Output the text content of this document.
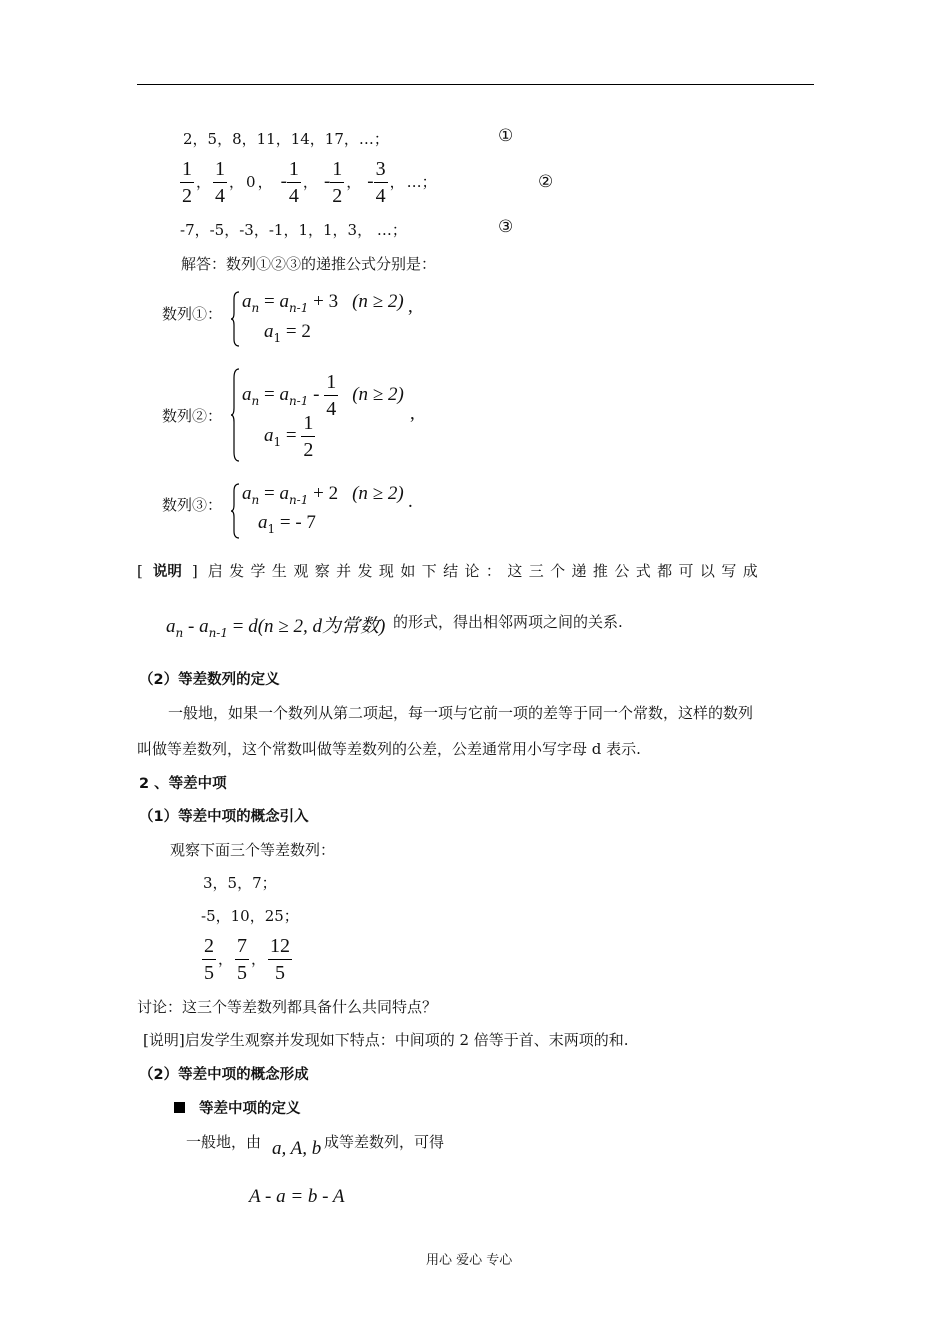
2，5，8，11，14，17，…；	①
$\frac{1}{2}$ ， $\frac{1}{4}$ ， 0 ， - $\frac{1}{4}$ ， - $\frac{1}{2}$ ， - $\frac{3}{4}$ ， …；	②
-7，-5，-3，-1，1，1，3， …；	③
解答：数列①②③的递推公式分别是：
数列①：
$a_n = a_{n-1} + 3$ (n ≥ 2) ,
$a_1 = 2$
数列②：
$a_n = a_{n-1} - \frac{1}{4} (n \ge 2)$
,
$a_1 = \frac{1}{2}$
数列③：
$a_n = a_{n-1} + 2$ (n ≥ 2) .
$a_1$ = - 7
[ 说明 ] 启发学生观察并发现如下结论：这三个递推公式都可以写成
$a_n - a_{n-1} = d(n \ge 2$, d为常数) 的形式，得出相邻两项之间的关系.
（2）等差数列的定义
一般地，如果一个数列从第二项起，每一项与它前一项的差等于同一个常数，这样的数列
叫做等差数列，这个常数叫做等差数列的公差，公差通常用小写字母 d 表示.
2 、等差中项
（1）等差中项的概念引入
观察下面三个等差数列：
3，5，7；
-5，10，25；
$\frac{2}{5}$ ， $\frac{7}{5}$ ， $\frac{12}{5}$
讨论：这三个等差数列都具备什么共同特点？
[说明]启发学生观察并发现如下特点：中间项的 2 倍等于首、末两项的和.
（2）等差中项的概念形成
等差中项的定义
一般地，由 a, A, b 成等差数列，可得
A - a = b - A
用心 爱心 专心
